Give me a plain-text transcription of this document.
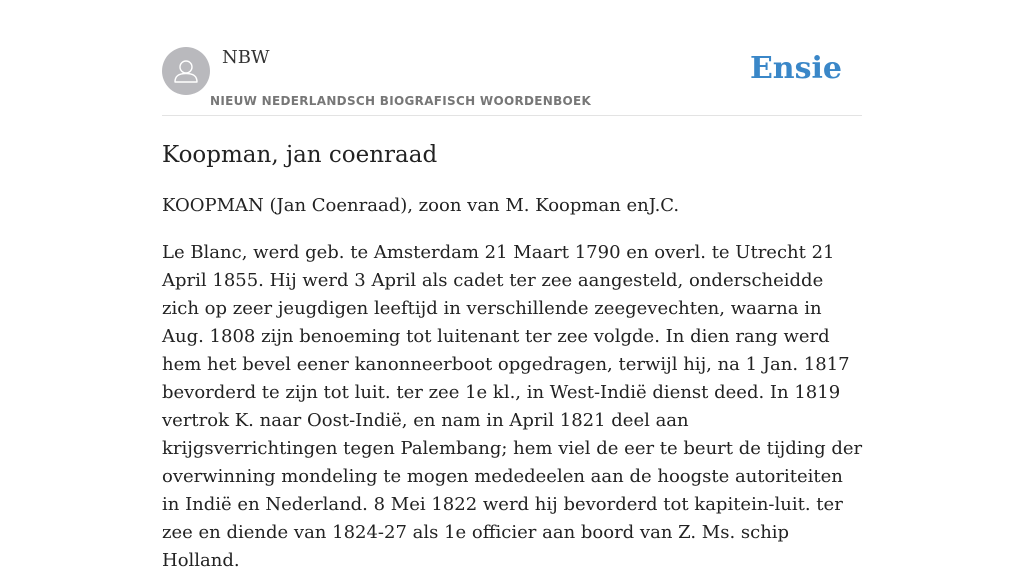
NBW
NIEUW NEDERLANDSCH BIOGRAFISCH WOORDENBOEK
Ensie
Koopman, jan coenraad

KOOPMAN (Jan Coenraad), zoon van M. Koopman enJ.C.

Le Blanc, werd geb. te Amsterdam 21 Maart 1790 en overl. te Utrecht 21 April 1855. Hij werd 3 April als cadet ter zee aangesteld, onderscheidde zich op zeer jeugdigen leeftijd in verschillende zeegevechten, waarna in Aug. 1808 zijn benoeming tot luitenant ter zee volgde. In dien rang werd hem het bevel eener kanonneerboot opgedragen, terwijl hij, na 1 Jan. 1817 bevorderd te zijn tot luit. ter zee 1e kl., in West-Indië dienst deed. In 1819 vertrok K. naar Oost-Indië, en nam in April 1821 deel aan krijgsverrichtingen tegen Palembang; hem viel de eer te beurt de tijding der overwinning mondeling te mogen mededeelen aan de hoogste autoriteiten in Indië en Nederland. 8 Mei 1822 werd hij bevorderd tot kapitein-luit. ter zee en diende van 1824-27 als 1e officier aan boord van Z. Ms. schip Holland.
